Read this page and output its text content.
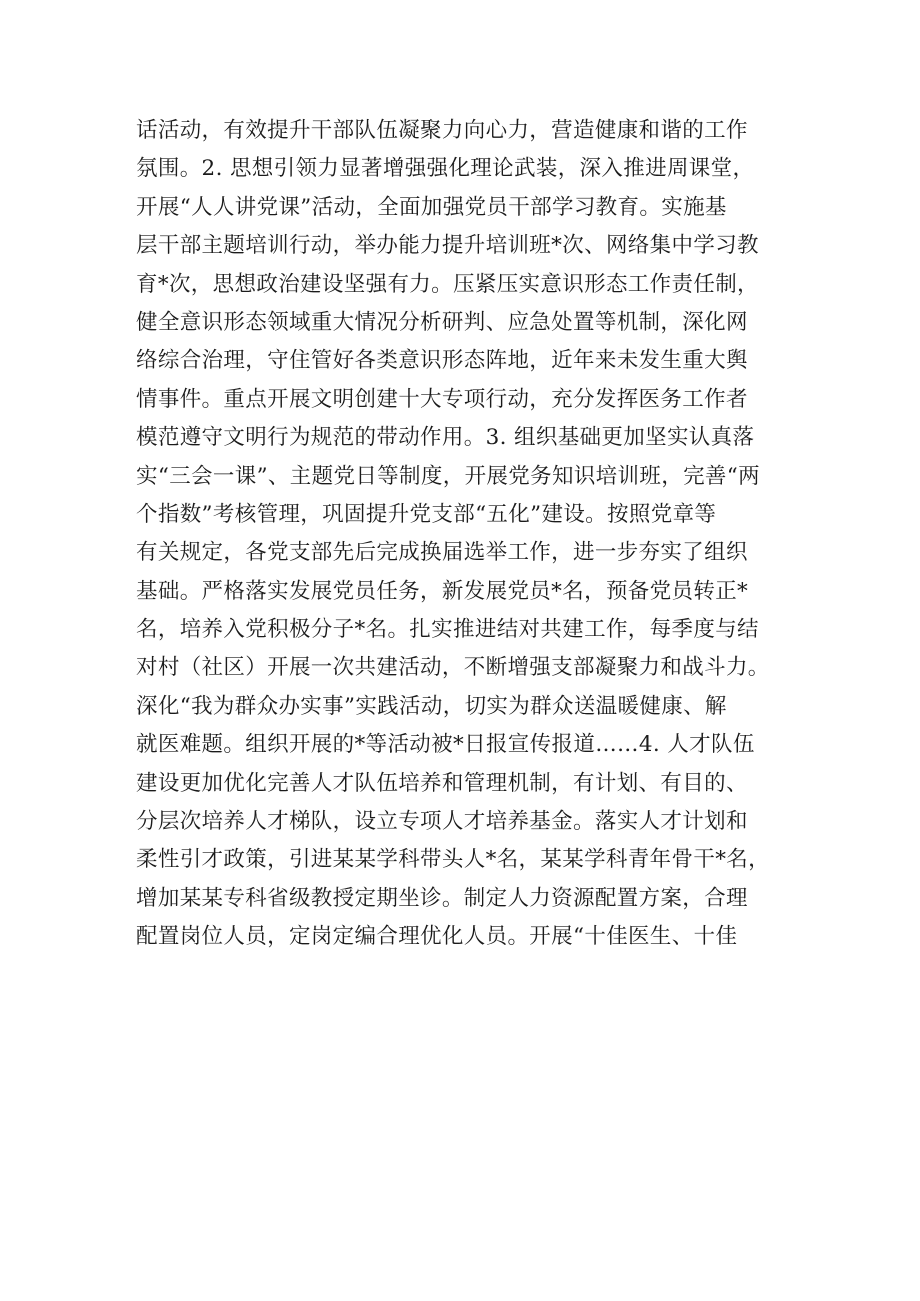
话活动，有效提升干部队伍凝聚力向心力，营造健康和谐的工作
氛围。2. 思想引领力显著增强强化理论武装，深入推进周课堂，
开展“人人讲党课”活动，全面加强党员干部学习教育。实施基
层干部主题培训行动，举办能力提升培训班*次、网络集中学习教
育*次，思想政治建设坚强有力。压紧压实意识形态工作责任制，
健全意识形态领域重大情况分析研判、应急处置等机制，深化网
络综合治理，守住管好各类意识形态阵地，近年来未发生重大舆
情事件。重点开展文明创建十大专项行动，充分发挥医务工作者
模范遵守文明行为规范的带动作用。3. 组织基础更加坚实认真落
实“三会一课”、主题党日等制度，开展党务知识培训班，完善“两
个指数”考核管理，巩固提升党支部“五化”建设。按照党章等
有关规定，各党支部先后完成换届选举工作，进一步夯实了组织
基础。严格落实发展党员任务，新发展党员*名，预备党员转正*
名，培养入党积极分子*名。扎实推进结对共建工作，每季度与结
对村（社区）开展一次共建活动，不断增强支部凝聚力和战斗力。
深化“我为群众办实事”实践活动，切实为群众送温暖健康、解
就医难题。组织开展的*等活动被*日报宣传报道……4. 人才队伍
建设更加优化完善人才队伍培养和管理机制，有计划、有目的、
分层次培养人才梯队，设立专项人才培养基金。落实人才计划和
柔性引才政策，引进某某学科带头人*名，某某学科青年骨干*名，
增加某某专科省级教授定期坐诊。制定人力资源配置方案，合理
配置岗位人员，定岗定编合理优化人员。开展“十佳医生、十佳
